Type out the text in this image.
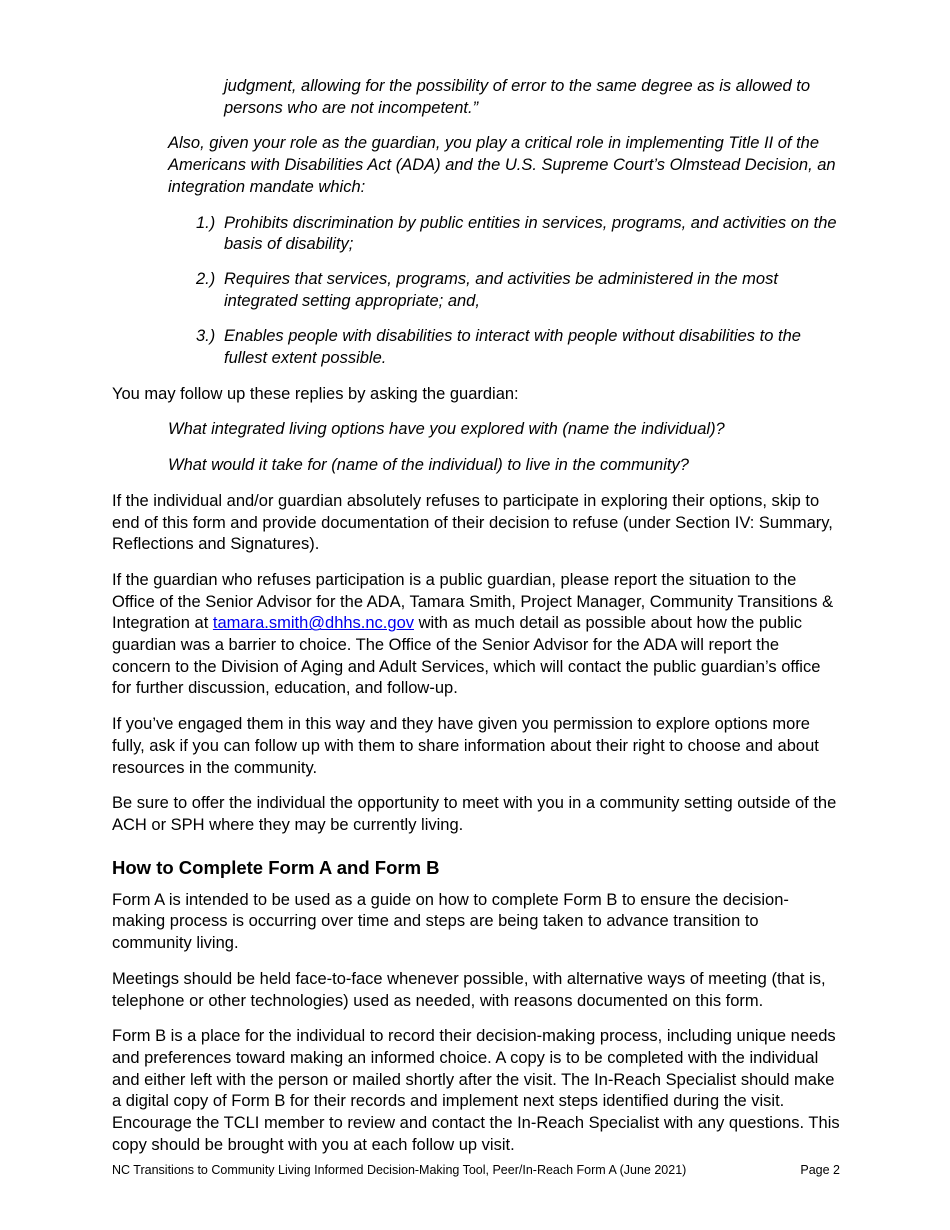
judgment, allowing for the possibility of error to the same degree as is allowed to persons who are not incompetent.”

Also, given your role as the guardian, you play a critical role in implementing Title II of the Americans with Disabilities Act (ADA) and the U.S. Supreme Court’s Olmstead Decision, an integration mandate which:

1.) Prohibits discrimination by public entities in services, programs, and activities on the basis of disability;
2.) Requires that services, programs, and activities be administered in the most integrated setting appropriate; and,
3.) Enables people with disabilities to interact with people without disabilities to the fullest extent possible.

You may follow up these replies by asking the guardian:

What integrated living options have you explored with (name the individual)?

What would it take for (name of the individual) to live in the community?

If the individual and/or guardian absolutely refuses to participate in exploring their options, skip to end of this form and provide documentation of their decision to refuse (under Section IV: Summary, Reflections and Signatures).

If the guardian who refuses participation is a public guardian, please report the situation to the Office of the Senior Advisor for the ADA, Tamara Smith, Project Manager, Community Transitions & Integration at tamara.smith@dhhs.nc.gov with as much detail as possible about how the public guardian was a barrier to choice. The Office of the Senior Advisor for the ADA will report the concern to the Division of Aging and Adult Services, which will contact the public guardian’s office for further discussion, education, and follow-up.

If you’ve engaged them in this way and they have given you permission to explore options more fully, ask if you can follow up with them to share information about their right to choose and about resources in the community.

Be sure to offer the individual the opportunity to meet with you in a community setting outside of the ACH or SPH where they may be currently living.

How to Complete Form A and Form B

Form A is intended to be used as a guide on how to complete Form B to ensure the decision-making process is occurring over time and steps are being taken to advance transition to community living.

Meetings should be held face-to-face whenever possible, with alternative ways of meeting (that is, telephone or other technologies) used as needed, with reasons documented on this form.

Form B is a place for the individual to record their decision-making process, including unique needs and preferences toward making an informed choice. A copy is to be completed with the individual and either left with the person or mailed shortly after the visit. The In-Reach Specialist should make a digital copy of Form B for their records and implement next steps identified during the visit. Encourage the TCLI member to review and contact the In-Reach Specialist with any questions. This copy should be brought with you at each follow up visit.

NC Transitions to Community Living Informed Decision-Making Tool, Peer/In-Reach Form A (June 2021)	Page 2
